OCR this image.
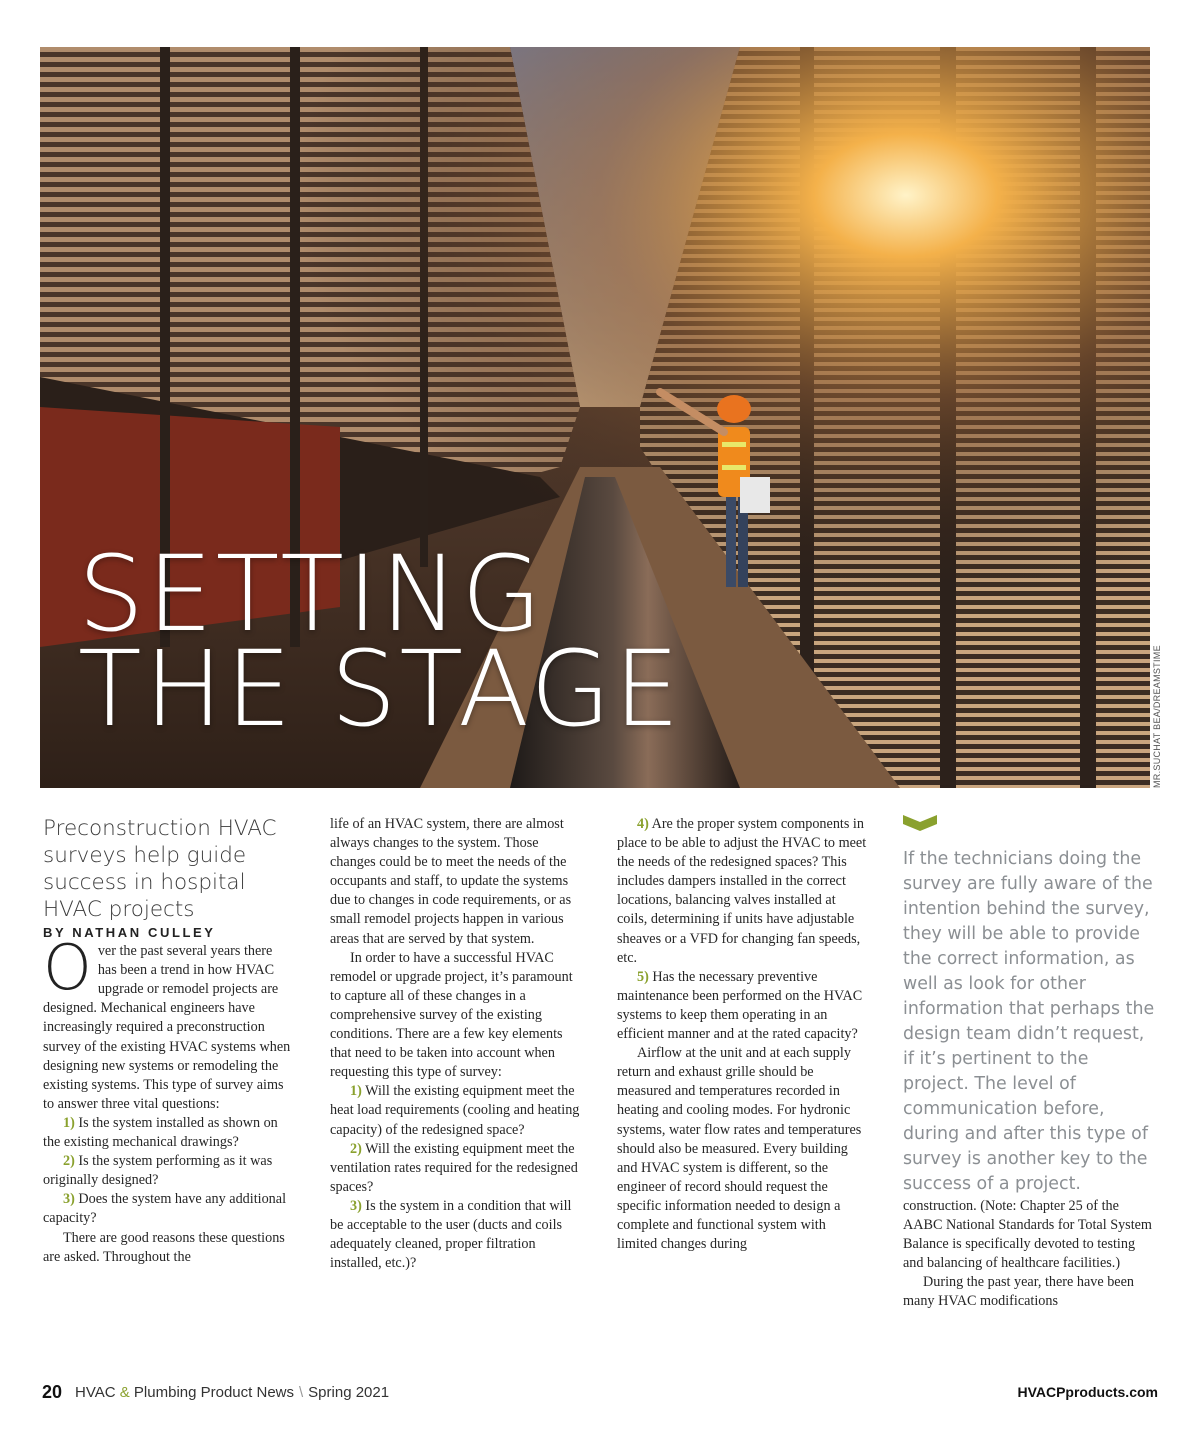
SETTING
THE STAGE	MR.SUCHAT BEA/DREAMSTIME

Preconstruction HVAC surveys help guide success in hospital HVAC projects

BY NATHAN CULLEY

Over the past several years there has been a trend in how HVAC upgrade or remodel projects are designed. Mechanical engineers have increasingly required a preconstruction survey of the existing HVAC systems when designing new systems or remodeling the existing systems. This type of survey aims to answer three vital questions:

1) Is the system installed as shown on the existing mechanical drawings?

2) Is the system performing as it was originally designed?

3) Does the system have any additional capacity?

There are good reasons these questions are asked. Throughout the

life of an HVAC system, there are almost always changes to the system. Those changes could be to meet the needs of the occupants and staff, to update the systems due to changes in code requirements, or as small remodel projects happen in various areas that are served by that system.

In order to have a successful HVAC remodel or upgrade project, it’s paramount to capture all of these changes in a comprehensive survey of the existing conditions. There are a few key elements that need to be taken into account when requesting this type of survey:

1) Will the existing equipment meet the heat load requirements (cooling and heating capacity) of the redesigned space?

2) Will the existing equipment meet the ventilation rates required for the redesigned spaces?

3) Is the system in a condition that will be acceptable to the user (ducts and coils adequately cleaned, proper filtration installed, etc.)?

4) Are the proper system components in place to be able to adjust the HVAC to meet the needs of the redesigned spaces? This includes dampers installed in the correct locations, balancing valves installed at coils, determining if units have adjustable sheaves or a VFD for changing fan speeds, etc.

5) Has the necessary preventive maintenance been performed on the HVAC systems to keep them operating in an efficient manner and at the rated capacity?

Airflow at the unit and at each supply return and exhaust grille should be measured and temperatures recorded in heating and cooling modes. For hydronic systems, water flow rates and temperatures should also be measured. Every building and HVAC system is different, so the engineer of record should request the specific information needed to design a complete and functional system with limited changes during

If the technicians doing the survey are fully aware of the intention behind the survey, they will be able to provide the correct information, as well as look for other information that perhaps the design team didn’t request, if it’s pertinent to the project. The level of communication before, during and after this type of survey is another key to the success of a project.

construction. (Note: Chapter 25 of the AABC National Standards for Total System Balance is specifically devoted to testing and balancing of healthcare facilities.)

During the past year, there have been many HVAC modifications

20 HVAC & Plumbing Product News \ Spring 2021	HVACPproducts.com
